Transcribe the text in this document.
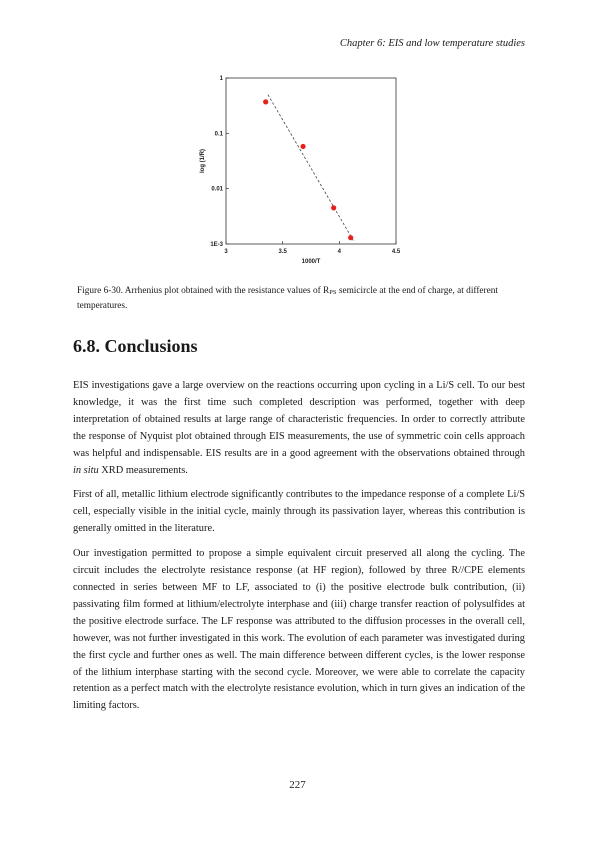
Chapter 6: EIS and low temperature studies
3	3.5	4	4.5
1E-3
0.01
0.1
1
1000/T
log (1/R)
Figure 6-30. Arrhenius plot obtained with the resistance values of $R_{PS}$ semicircle at the end of charge, at different temperatures.
6.8. Conclusions

EIS investigations gave a large overview on the reactions occurring upon cycling in a Li/S cell. To our best knowledge, it was the first time such completed description was performed, together with deep interpretation of obtained results at large range of characteristic frequencies. In order to correctly attribute the response of Nyquist plot obtained through EIS measurements, the use of symmetric coin cells approach was helpful and indispensable. EIS results are in a good agreement with the observations obtained through in situ XRD measurements.

First of all, metallic lithium electrode significantly contributes to the impedance response of a complete Li/S cell, especially visible in the initial cycle, mainly through its passivation layer, whereas this contribution is generally omitted in the literature.

Our investigation permitted to propose a simple equivalent circuit preserved all along the cycling. The circuit includes the electrolyte resistance response (at HF region), followed by three R//CPE elements connected in series between MF to LF, associated to (i) the positive electrode bulk contribution, (ii) passivating film formed at lithium/electrolyte interphase and (iii) charge transfer reaction of polysulfides at the positive electrode surface. The LF response was attributed to the diffusion processes in the overall cell, however, was not further investigated in this work. The evolution of each parameter was investigated during the first cycle and further ones as well. The main difference between different cycles, is the lower response of the lithium interphase starting with the second cycle. Moreover, we were able to correlate the capacity retention as a perfect match with the electrolyte resistance evolution, which in turn gives an indication of the limiting factors.

227
